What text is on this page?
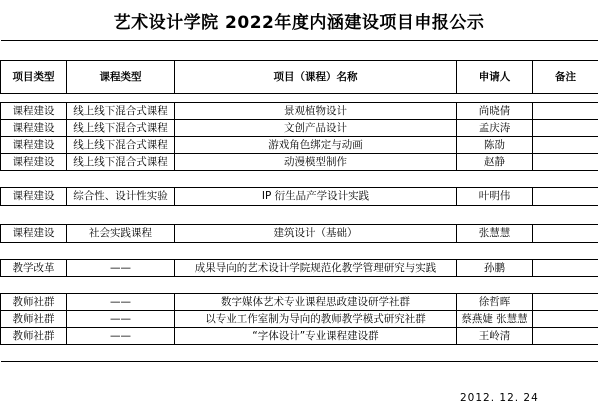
艺术设计学院 2022年度内涵建设项目申报公示

项目类型	课程类型	项目（课程）名称	申请人	备注

课程建设	线上线下混合式课程	景观植物设计	尚晓倩	
课程建设	线上线下混合式课程	文创产品设计	孟庆涛	
课程建设	线上线下混合式课程	游戏角色绑定与动画	陈劭	
课程建设	线上线下混合式课程	动漫模型制作	赵静	

课程建设	综合性、设计性实验	IP 衍生品产学设计实践	叶明伟	

课程建设	社会实践课程	建筑设计（基础）	张慧慧	

教学改革	——	成果导向的艺术设计学院规范化教学管理研究与实践	孙鹏	

教师社群	——	数字媒体艺术专业课程思政建设研学社群	徐哲晖	
教师社群	——	以专业工作室制为导向的教师教学模式研究社群	蔡燕婕 张慧慧	
教师社群	——	“字体设计”专业课程建设群	王岭清	

2012. 12. 24
